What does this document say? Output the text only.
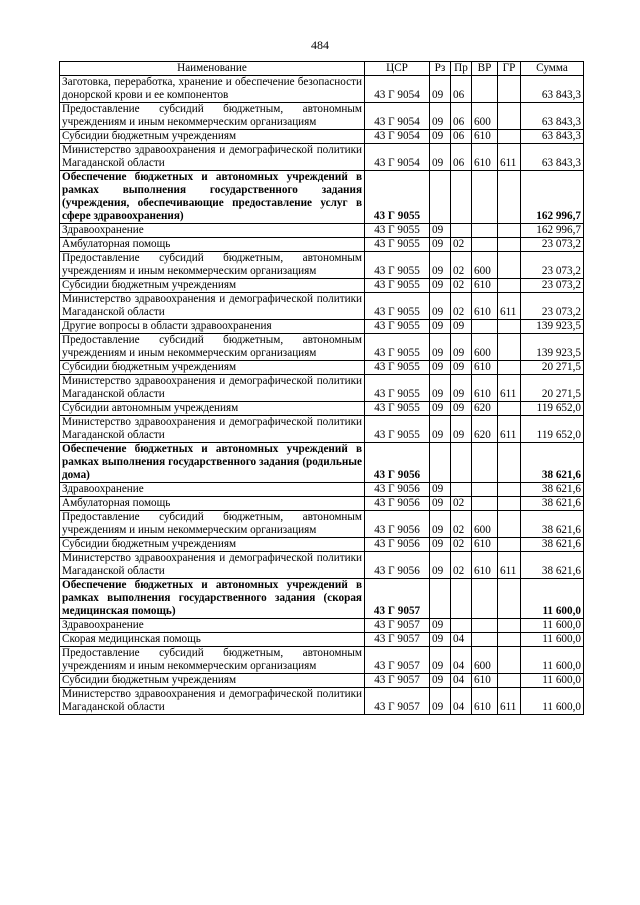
484
Наименование	ЦСР	Рз	Пр	ВР	ГР	Сумма
Заготовка, переработка, хранение и обеспечение безопасности донорской крови и ее компонентов	43 Г 9054	09	06			63 843,3
Предоставление субсидий бюджетным, автономным учреждениям и иным некоммерческим организациям	43 Г 9054	09	06	600		63 843,3
Субсидии бюджетным учреждениям	43 Г 9054	09	06	610		63 843,3
Министерство здравоохранения и демографической политики Магаданской области	43 Г 9054	09	06	610	611	63 843,3
Обеспечение бюджетных и автономных учреждений в рамках выполнения государственного задания (учреждения, обеспечивающие предоставление услуг в сфере здравоохранения)	43 Г 9055					162 996,7
Здравоохранение	43 Г 9055	09				162 996,7
Амбулаторная помощь	43 Г 9055	09	02			23 073,2
Предоставление субсидий бюджетным, автономным учреждениям и иным некоммерческим организациям	43 Г 9055	09	02	600		23 073,2
Субсидии бюджетным учреждениям	43 Г 9055	09	02	610		23 073,2
Министерство здравоохранения и демографической политики Магаданской области	43 Г 9055	09	02	610	611	23 073,2
Другие вопросы в области здравоохранения	43 Г 9055	09	09			139 923,5
Предоставление субсидий бюджетным, автономным учреждениям и иным некоммерческим организациям	43 Г 9055	09	09	600		139 923,5
Субсидии бюджетным учреждениям	43 Г 9055	09	09	610		20 271,5
Министерство здравоохранения и демографической политики Магаданской области	43 Г 9055	09	09	610	611	20 271,5
Субсидии автономным учреждениям	43 Г 9055	09	09	620		119 652,0
Министерство здравоохранения и демографической политики Магаданской области	43 Г 9055	09	09	620	611	119 652,0
Обеспечение бюджетных и автономных учреждений в рамках выполнения государственного задания (родильные дома)	43 Г 9056					38 621,6
Здравоохранение	43 Г 9056	09				38 621,6
Амбулаторная помощь	43 Г 9056	09	02			38 621,6
Предоставление субсидий бюджетным, автономным учреждениям и иным некоммерческим организациям	43 Г 9056	09	02	600		38 621,6
Субсидии бюджетным учреждениям	43 Г 9056	09	02	610		38 621,6
Министерство здравоохранения и демографической политики Магаданской области	43 Г 9056	09	02	610	611	38 621,6
Обеспечение бюджетных и автономных учреждений в рамках выполнения государственного задания (скорая медицинская помощь)	43 Г 9057					11 600,0
Здравоохранение	43 Г 9057	09				11 600,0
Скорая медицинская помощь	43 Г 9057	09	04			11 600,0
Предоставление субсидий бюджетным, автономным учреждениям и иным некоммерческим организациям	43 Г 9057	09	04	600		11 600,0
Субсидии бюджетным учреждениям	43 Г 9057	09	04	610		11 600,0
Министерство здравоохранения и демографической политики Магаданской области	43 Г 9057	09	04	610	611	11 600,0
